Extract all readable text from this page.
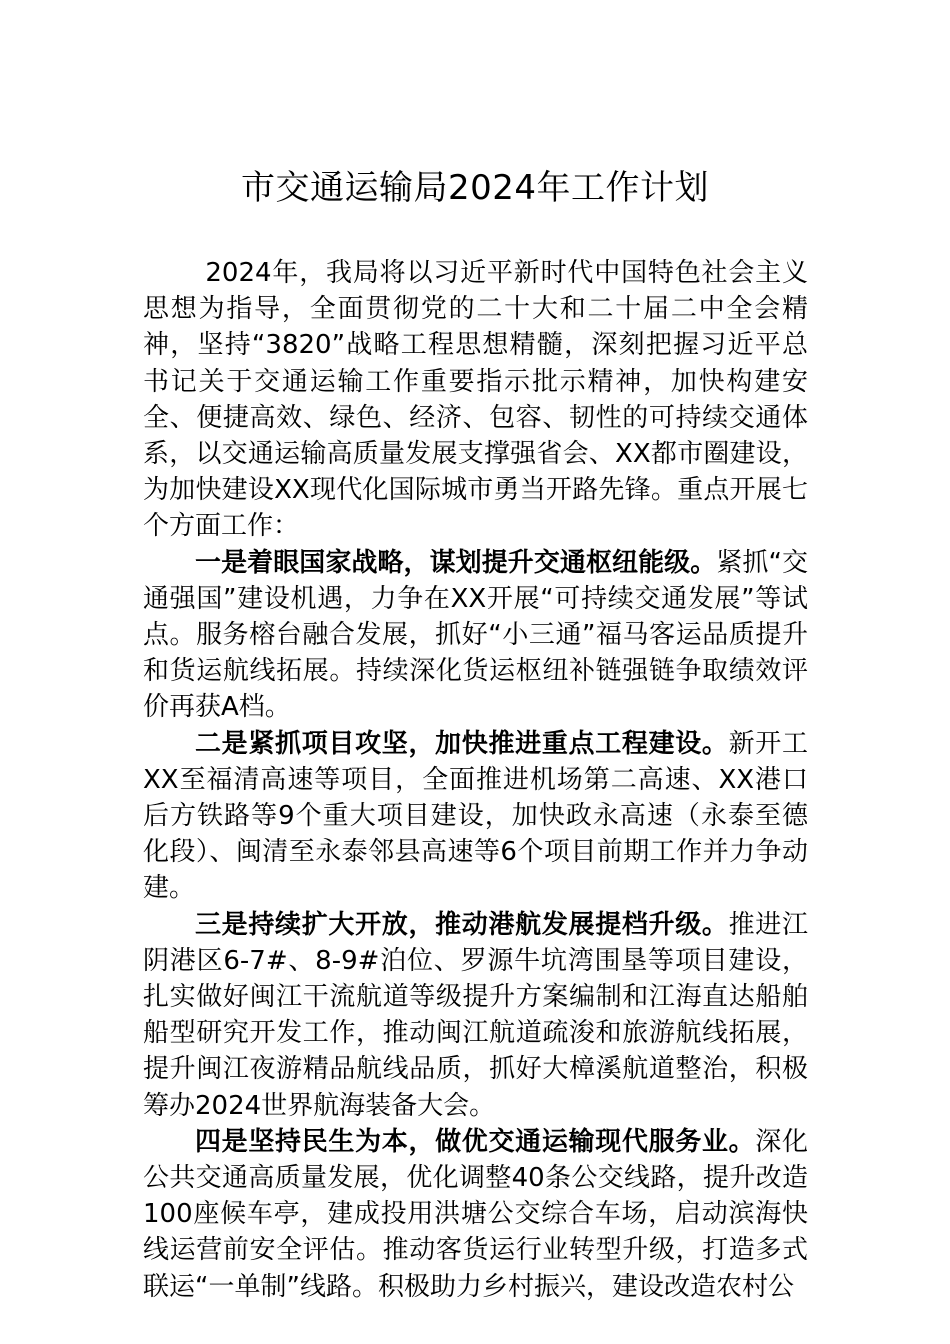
市交通运输局2024年工作计划

2024年，我局将以习近平新时代中国特色社会主义思想为指导，全面贯彻党的二十大和二十届二中全会精神，坚持“3820”战略工程思想精髓，深刻把握习近平总书记关于交通运输工作重要指示批示精神，加快构建安全、便捷高效、绿色、经济、包容、韧性的可持续交通体系，以交通运输高质量发展支撑强省会、XX都市圈建设，为加快建设XX现代化国际城市勇当开路先锋。重点开展七个方面工作：

一是着眼国家战略，谋划提升交通枢纽能级。紧抓“交通强国”建设机遇，力争在XX开展“可持续交通发展”等试点。服务榕台融合发展，抓好“小三通”福马客运品质提升和货运航线拓展。持续深化货运枢纽补链强链争取绩效评价再获A档。

二是紧抓项目攻坚，加快推进重点工程建设。新开工XX至福清高速等项目，全面推进机场第二高速、XX港口后方铁路等9个重大项目建设，加快政永高速（永泰至德化段）、闽清至永泰邻县高速等6个项目前期工作并力争动建。

三是持续扩大开放，推动港航发展提档升级。推进江阴港区6-7#、8-9#泊位、罗源牛坑湾围垦等项目建设，扎实做好闽江干流航道等级提升方案编制和江海直达船舶船型研究开发工作，推动闽江航道疏浚和旅游航线拓展，提升闽江夜游精品航线品质，抓好大樟溪航道整治，积极筹办2024世界航海装备大会。

四是坚持民生为本，做优交通运输现代服务业。深化公共交通高质量发展，优化调整40条公交线路，提升改造100座候车亭，建成投用洪塘公交综合车场，启动滨海快线运营前安全评估。推动客货运行业转型升级，打造多式联运“一单制”线路。积极助力乡村振兴，建设改造农村公
